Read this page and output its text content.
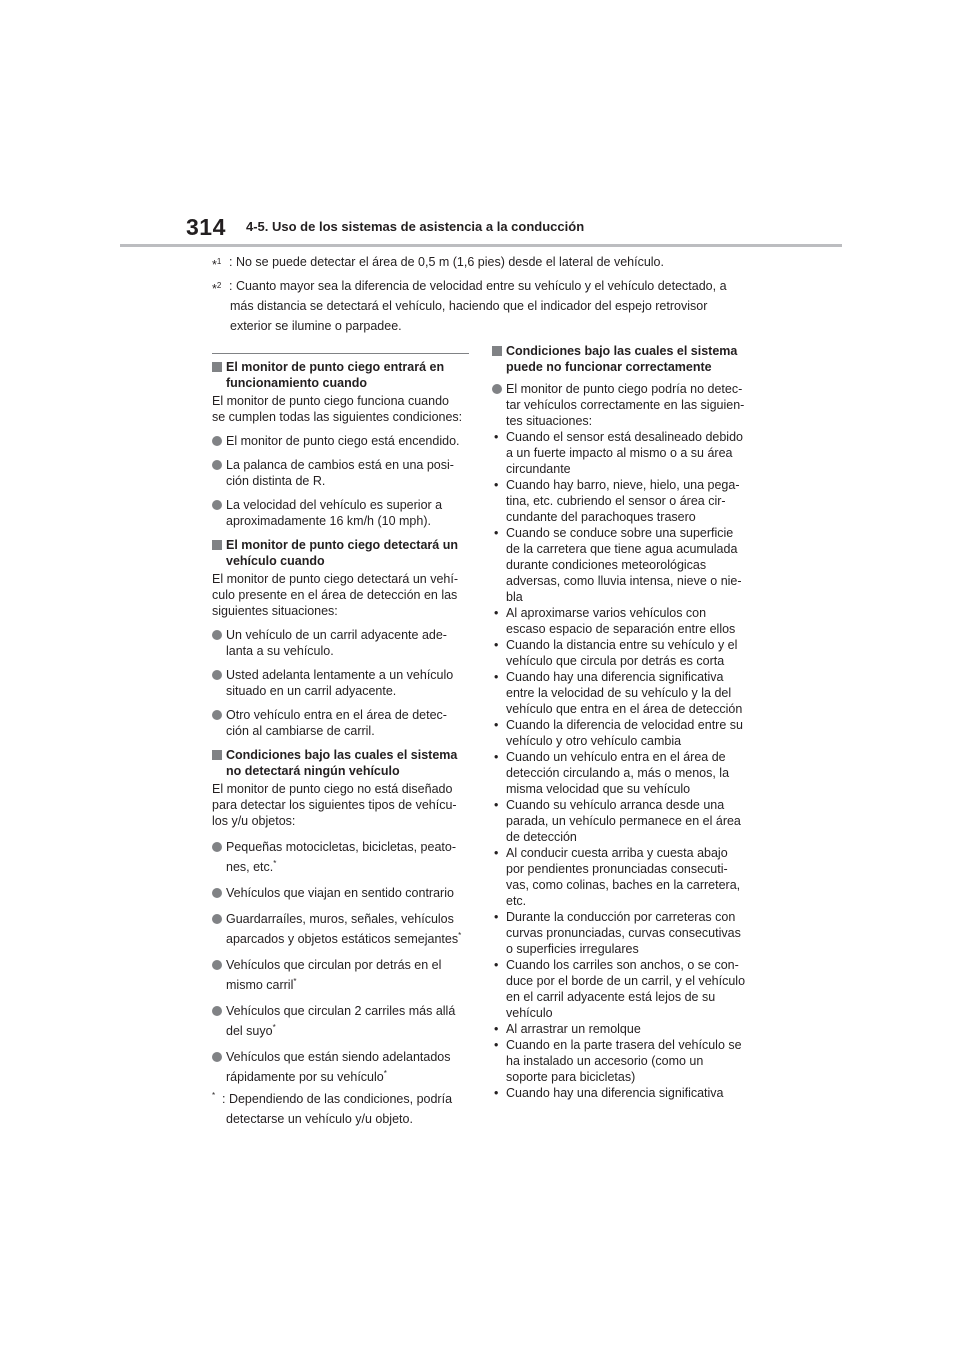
314 4-5. Uso de los sistemas de asistencia a la conducción
*$^1$ : No se puede detectar el área de 0,5 m (1,6 pies) desde el lateral de vehículo.
*$^2$ : Cuanto mayor sea la diferencia de velocidad entre su vehículo y el vehículo detectado, a
más distancia se detectará el vehículo, haciendo que el indicador del espejo retrovisor
exterior se ilumine o parpadee.
El monitor de punto ciego entrará en
funcionamiento cuando
El monitor de punto ciego funciona cuando
se cumplen todas las siguientes condiciones:
El monitor de punto ciego está encendido.
La palanca de cambios está en una posi-
ción distinta de R.
La velocidad del vehículo es superior a
aproximadamente 16 km/h (10 mph).
El monitor de punto ciego detectará un
vehículo cuando
El monitor de punto ciego detectará un vehí-
culo presente en el área de detección en las
siguientes situaciones:
Un vehículo de un carril adyacente ade-
lanta a su vehículo.
Usted adelanta lentamente a un vehículo
situado en un carril adyacente.
Otro vehículo entra en el área de detec-
ción al cambiarse de carril.
Condiciones bajo las cuales el sistema
no detectará ningún vehículo
El monitor de punto ciego no está diseñado
para detectar los siguientes tipos de vehícu-
los y/u objetos:
Pequeñas motocicletas, bicicletas, peato-
nes, etc.*
Vehículos que viajan en sentido contrario
Guardarraíles, muros, señales, vehículos
aparcados y objetos estáticos semejantes*
Vehículos que circulan por detrás en el
mismo carril*
Vehículos que circulan 2 carriles más allá
del suyo*
Vehículos que están siendo adelantados
rápidamente por su vehículo*
* : Dependiendo de las condiciones, podría
detectarse un vehículo y/u objeto.
Condiciones bajo las cuales el sistema
puede no funcionar correctamente
El monitor de punto ciego podría no detec-
tar vehículos correctamente en las siguien-
tes situaciones:
• Cuando el sensor está desalineado debido
a un fuerte impacto al mismo o a su área
circundante
• Cuando hay barro, nieve, hielo, una pega-
tina, etc. cubriendo el sensor o área cir-
cundante del parachoques trasero
• Cuando se conduce sobre una superficie
de la carretera que tiene agua acumulada
durante condiciones meteorológicas
adversas, como lluvia intensa, nieve o nie-
bla
• Al aproximarse varios vehículos con
escaso espacio de separación entre ellos
• Cuando la distancia entre su vehículo y el
vehículo que circula por detrás es corta
• Cuando hay una diferencia significativa
entre la velocidad de su vehículo y la del
vehículo que entra en el área de detección
• Cuando la diferencia de velocidad entre su
vehículo y otro vehículo cambia
• Cuando un vehículo entra en el área de
detección circulando a, más o menos, la
misma velocidad que su vehículo
• Cuando su vehículo arranca desde una
parada, un vehículo permanece en el área
de detección
• Al conducir cuesta arriba y cuesta abajo
por pendientes pronunciadas consecuti-
vas, como colinas, baches en la carretera,
etc.
• Durante la conducción por carreteras con
curvas pronunciadas, curvas consecutivas
o superficies irregulares
• Cuando los carriles son anchos, o se con-
duce por el borde de un carril, y el vehículo
en el carril adyacente está lejos de su
vehículo
• Al arrastrar un remolque
• Cuando en la parte trasera del vehículo se
ha instalado un accesorio (como un
soporte para bicicletas)
• Cuando hay una diferencia significativa
